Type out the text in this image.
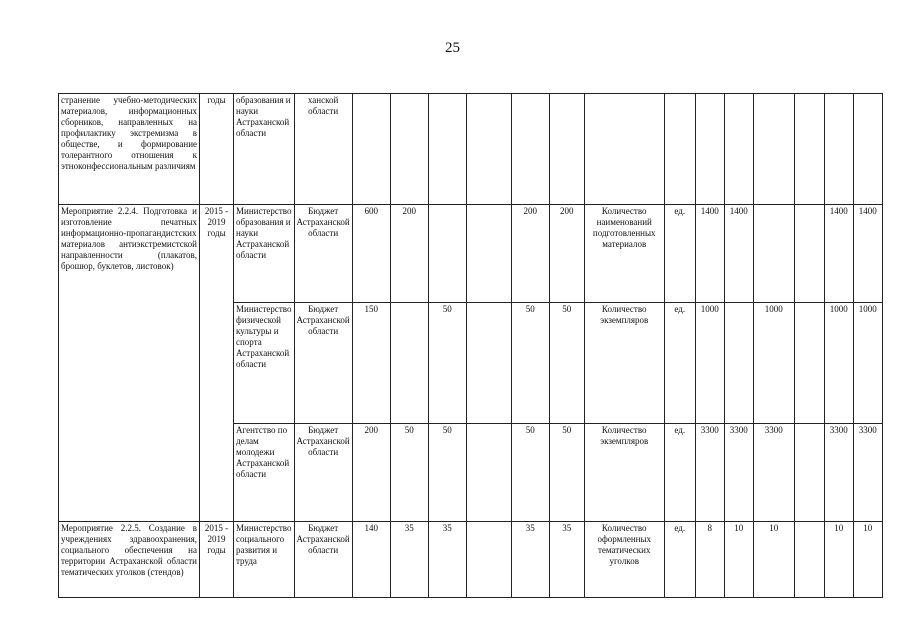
25
странение учебно-методических материалов, информационных сборников, направленных на профилактику экстремизма в обществе, и формирование толерантного отношения к этноконфессиональным различиям	годы	образования и науки Астраханской области	ханской области														
Мероприятие 2.2.4. Подготовка и изготовление печатных информационно-пропагандистских материалов антиэкстремистской направленности (плакатов, брошюр, буклетов, листовок)	2015 - 2019 годы	Министерство образования и науки Астраханской области	Бюджет Астраханской области	600	200			200	200	Количество наименований подготовленных материалов	ед.	1400	1400			1400	1400
		Министерство физической культуры и спорта Астраханской области	Бюджет Астраханской области	150		50		50	50	Количество экземпляров	ед.	1000		1000		1000	1000
		Агентство по делам молодежи Астраханской области	Бюджет Астраханской области	200	50	50		50	50	Количество экземпляров	ед.	3300	3300	3300		3300	3300
Мероприятие 2.2.5. Создание в учреждениях здравоохранения, социального обеспечения на территории Астраханской области тематических уголков (стендов)	2015 - 2019 годы	Министерство социального развития и труда	Бюджет Астраханской области	140	35	35		35	35	Количество оформленных тематических уголков	ед.	8	10	10		10	10
